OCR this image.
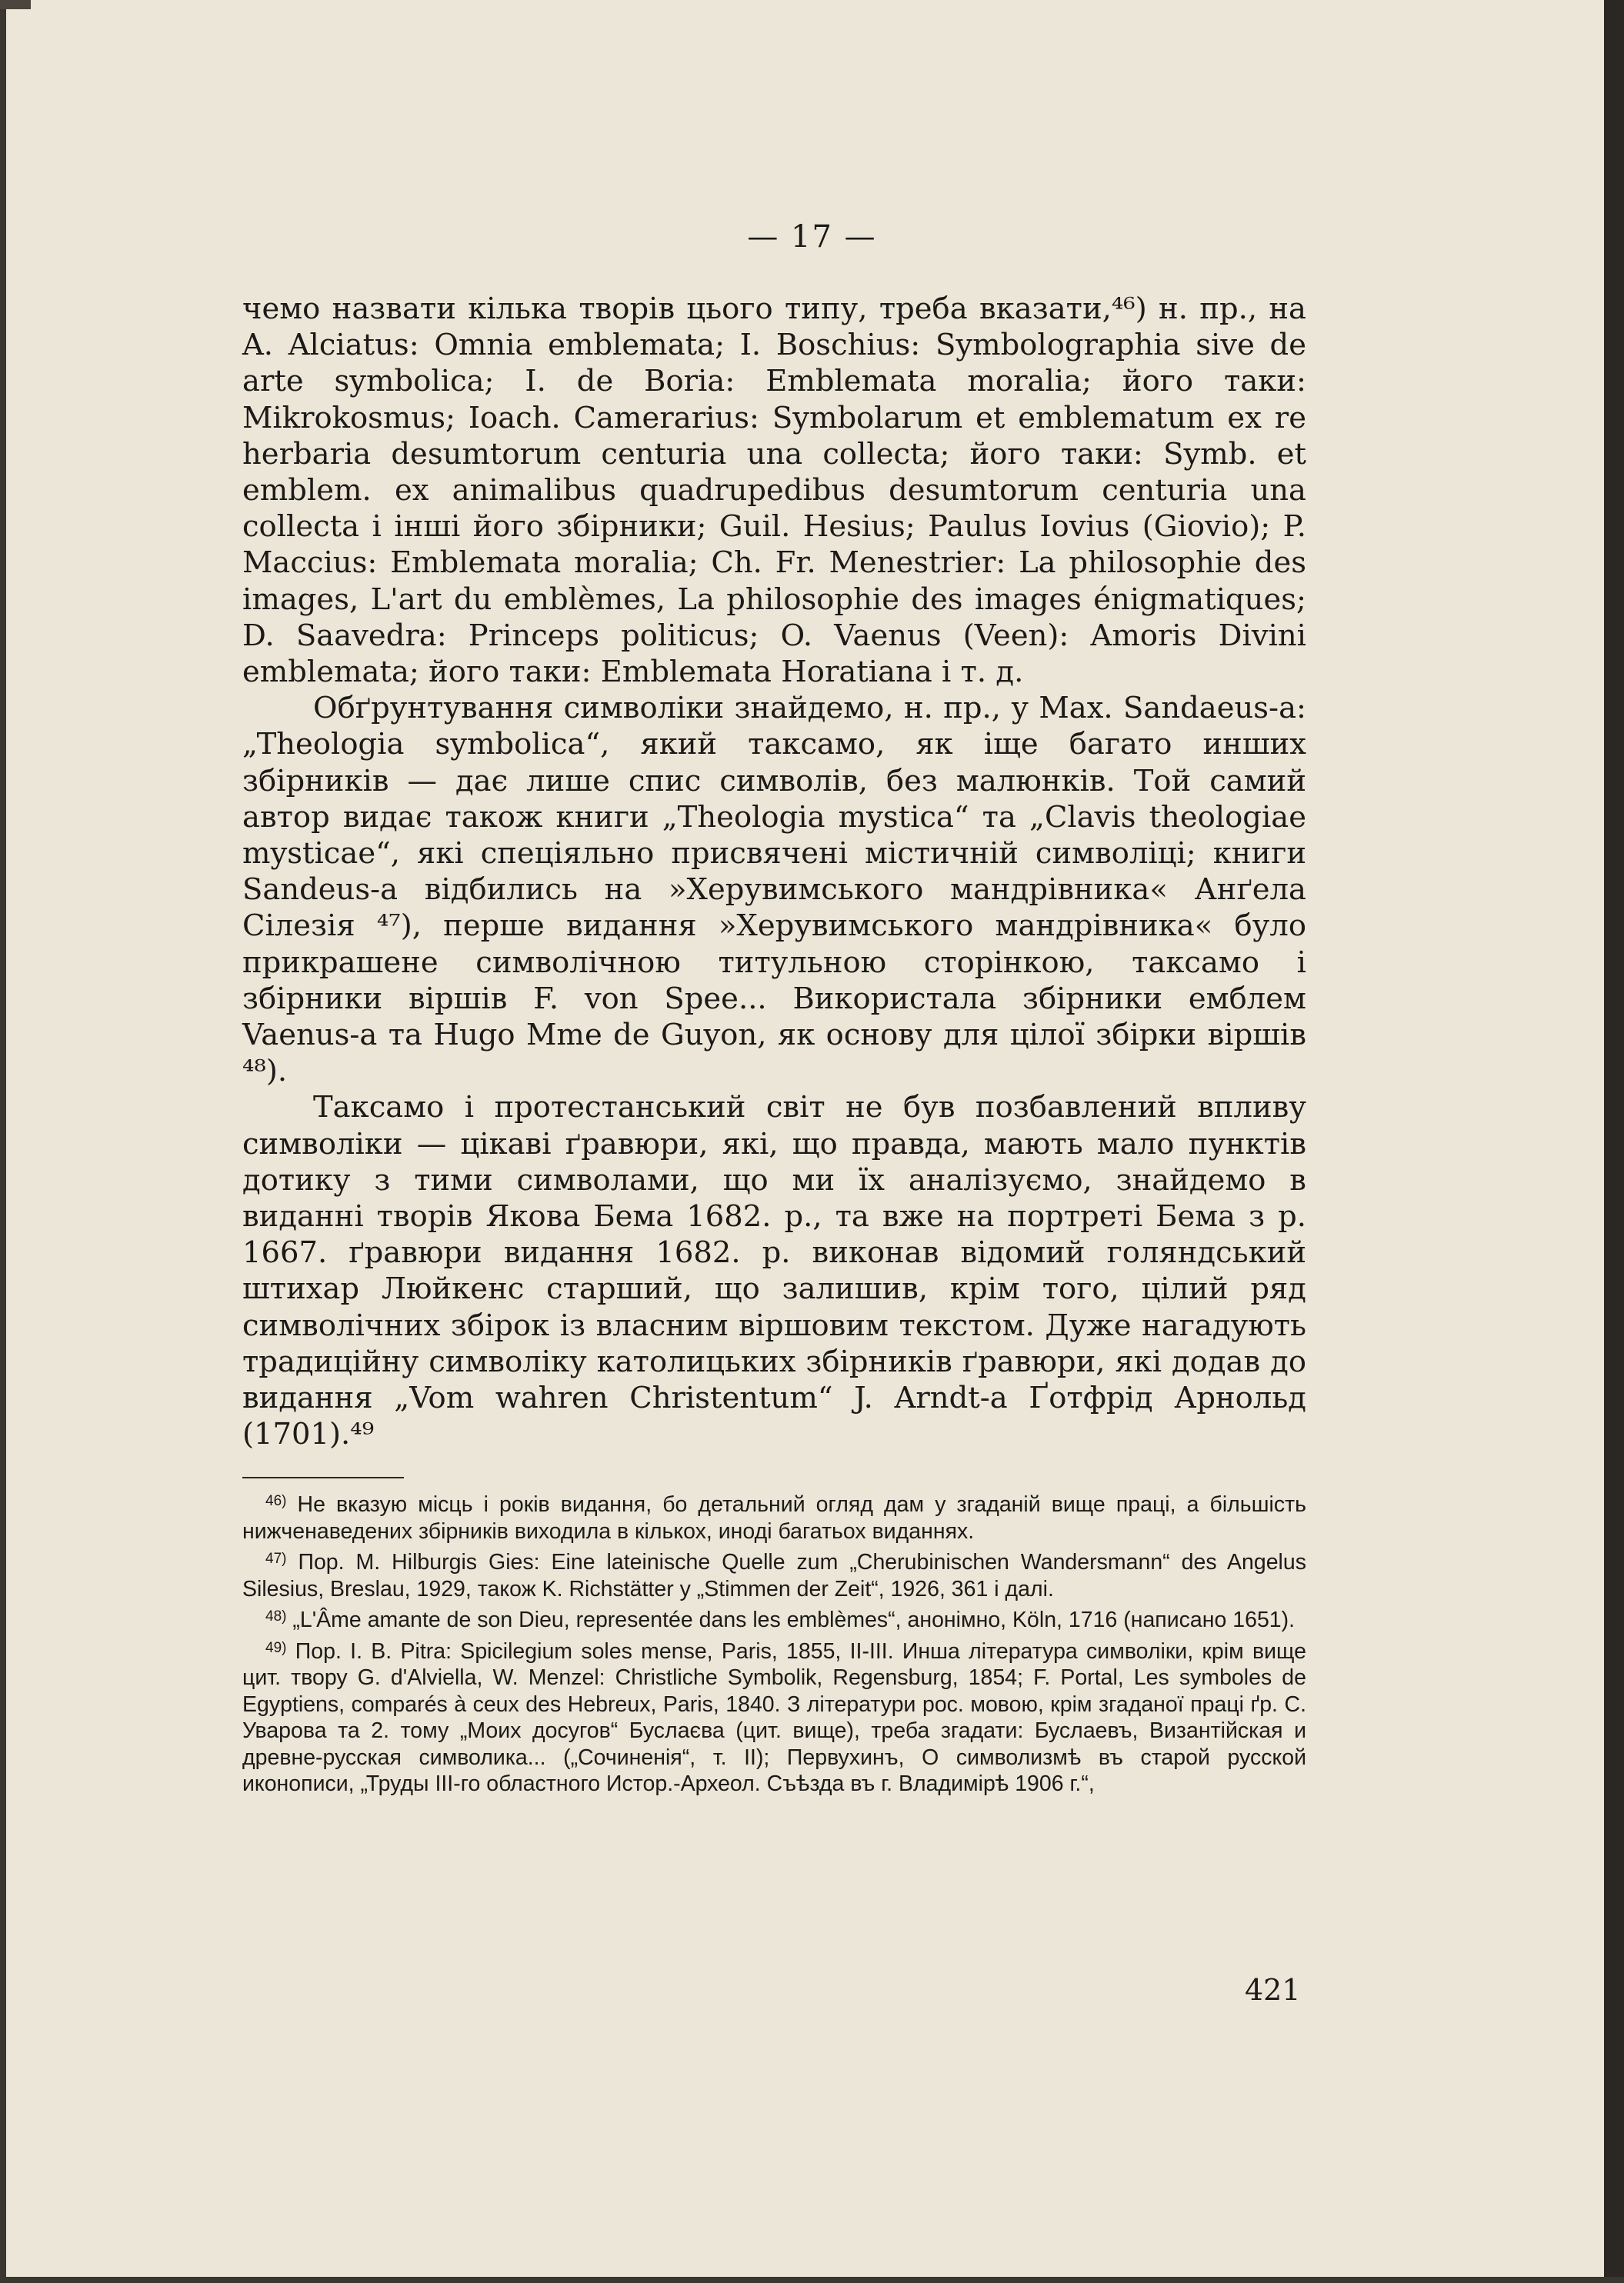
— 17 —

чемо назвати кілька творів цього типу, треба вказати,⁴⁶) н. пр., на A. Alciatus: Omnia emblemata; I. Boschius: Symbolographia sive de arte symbolica; I. de Boria: Emblemata moralia; його таки: Mikrokosmus; Ioach. Camerarius: Symbolarum et emblematum ex re herbaria desumtorum centuria una collecta; його таки: Symb. et emblem. ex animalibus quadrupedibus desumtorum centuria una collecta і інші його збірники; Guil. Hesius; Paulus Iovius (Giovio); P. Maccius: Emblemata moralia; Ch. Fr. Menestrier: La philosophie des images, L'art du emblèmes, La philosophie des images énigmatiques; D. Saavedra: Princeps politicus; O. Vaenus (Veen): Amoris Divini emblemata; його таки: Emblemata Horatiana і т. д.

Обґрунтування символіки знайдемо, н. пр., у Max. Sandaeus-a: „Theologia symbolica“, який таксамо, як іще багато инших збірників — дає лише спис символів, без малюнків. Той самий автор видає також книги „Theologia mystica“ та „Clavis theologiae mysticae“, які спеціяльно присвячені містичній символіці; книги Sandeus-а відбились на »Херувимського мандрівника« Анґела Сілезія ⁴⁷), перше видання »Херувимського мандрівника« було прикрашене символічною титульною сторінкою, таксамо і збірники віршів F. von Spee... Використала збірники емблем Vaenus-а та Hugo Mme de Guyon, як основу для цілої збірки віршів ⁴⁸).

Таксамо і протестанський світ не був позбавлений впливу символіки — цікаві ґравюри, які, що правда, мають мало пунктів дотику з тими символами, що ми їх аналізуємо, знайдемо в виданні творів Якова Бема 1682. р., та вже на портреті Бема з р. 1667. ґравюри видання 1682. р. виконав відомий голяндський штихар Люйкенс старший, що залишив, крім того, цілий ряд символічних збірок із власним віршовим текстом. Дуже нагадують традиційну символіку католицьких збірників ґравюри, які додав до видання „Vom wahren Christentum“ J. Arndt-а Ґотфрід Арнольд (1701).⁴⁹

$^{46)}$ Не вказую місць і років видання, бо детальний огляд дам у згаданій вище праці, а більшість нижченаведених збірників виходила в кількох, иноді багатьох виданнях.

$^{47)}$ Пор. M. Hilburgis Gies: Eine lateinische Quelle zum „Cherubinischen Wandersmann“ des Angelus Silesius, Breslau, 1929, також K. Richstätter у „Stimmen der Zeit“, 1926, 361 і далі.

$^{48)}$ „L'Âme amante de son Dieu, representée dans les emblèmes“, анонімно, Köln, 1716 (написано 1651).

$^{49)}$ Пор. I. B. Pitra: Spicilegium soles mense, Paris, 1855, II-III. Инша література символіки, крім вище цит. твору G. d'Alviella, W. Menzel: Christliche Symbolik, Regensburg, 1854; F. Portal, Les symboles de Egyptiens, comparés à ceux des Hebreux, Paris, 1840. З літератури рос. мовою, крім згаданої праці ґр. С. Уварова та 2. тому „Моих досугов“ Буслаєва (цит. вище), треба згадати: Буслаевъ, Византійская и древне-русская символика... („Сочиненія“, т. II); Первухинъ, О символизмѣ въ старой русской иконописи, „Труды III-го областного Истор.-Археол. Съѣзда въ г. Владимірѣ 1906 г.“,

421
